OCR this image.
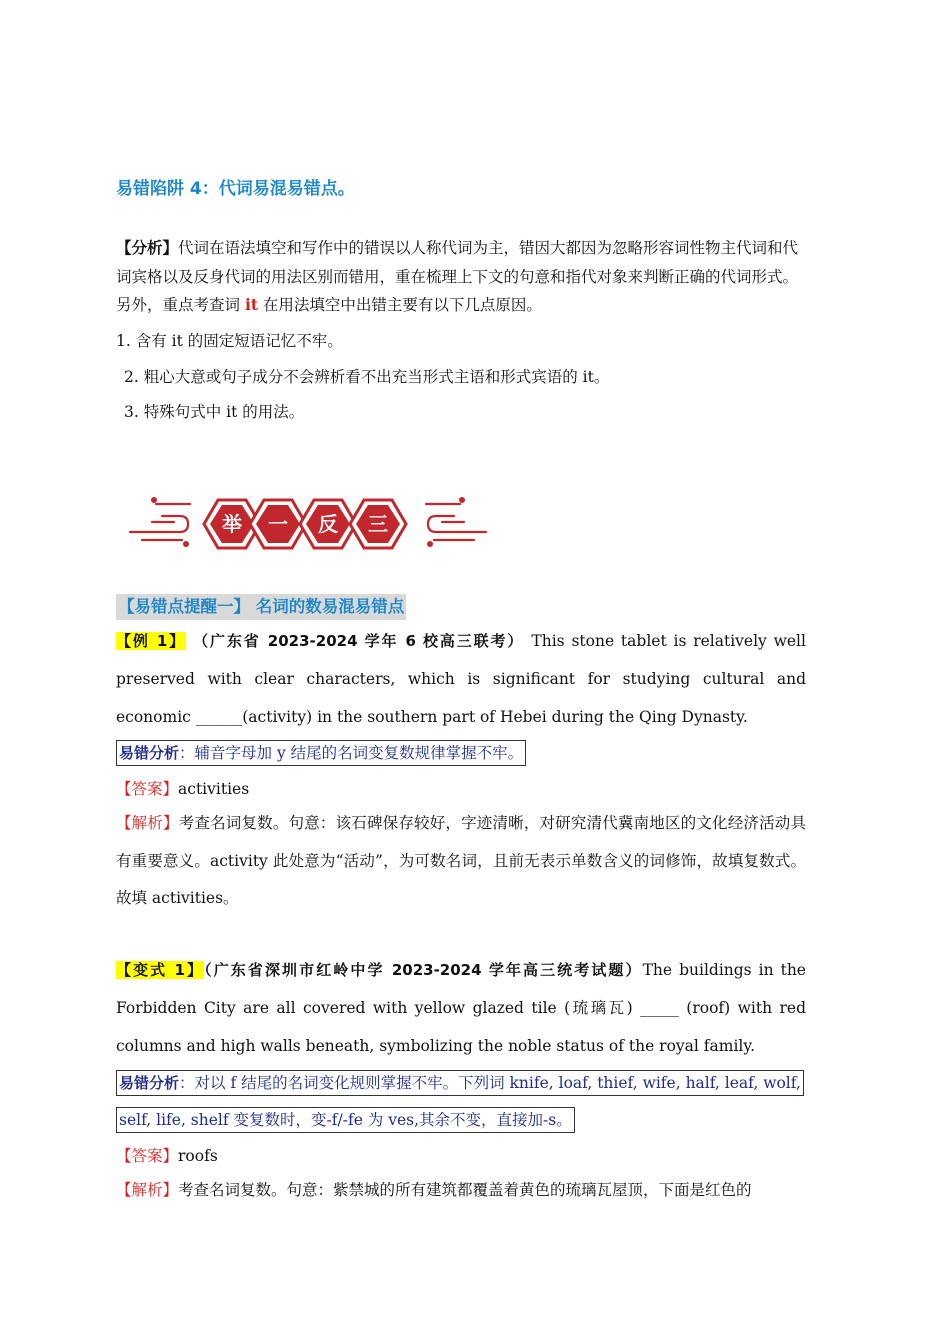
易错陷阱 4：代词易混易错点。
【分析】代词在语法填空和写作中的错误以人称代词为主，错因大都因为忽略形容词性物主代词和代词宾格以及反身代词的用法区别而错用，重在梳理上下文的句意和指代对象来判断正确的代词形式。另外，重点考查词 it 在用法填空中出错主要有以下几点原因。
1. 含有 it 的固定短语记忆不牢。
2. 粗心大意或句子成分不会辨析看不出充当形式主语和形式宾语的 it。
3. 特殊句式中 it 的用法。
举 一 反 三
【易错点提醒一】 名词的数易混易错点
【例 1】 （广东省 2023-2024 学年 6 校高三联考） This stone tablet is relatively well preserved with clear characters, which is significant for studying cultural and economic ______(activity) in the southern part of Hebei during the Qing Dynasty.
易错分析：辅音字母加 y 结尾的名词变复数规律掌握不牢。
【答案】activities
【解析】考查名词复数。句意：该石碑保存较好，字迹清晰，对研究清代冀南地区的文化经济活动具有重要意义。activity 此处意为“活动”，为可数名词，且前无表示单数含义的词修饰，故填复数式。故填 activities。
【变式 1】（广东省深圳市红岭中学 2023-2024 学年高三统考试题）The buildings in the Forbidden City are all covered with yellow glazed tile (琉璃瓦) _____ (roof) with red columns and high walls beneath, symbolizing the noble status of the royal family.
易错分析：对以 f 结尾的名词变化规则掌握不牢。下列词 knife, loaf, thief, wife, half, leaf, wolf,
self, life, shelf 变复数时，变-f/-fe 为 ves,其余不变，直接加-s。
【答案】roofs
【解析】考查名词复数。句意：紫禁城的所有建筑都覆盖着黄色的琉璃瓦屋顶，下面是红色的
